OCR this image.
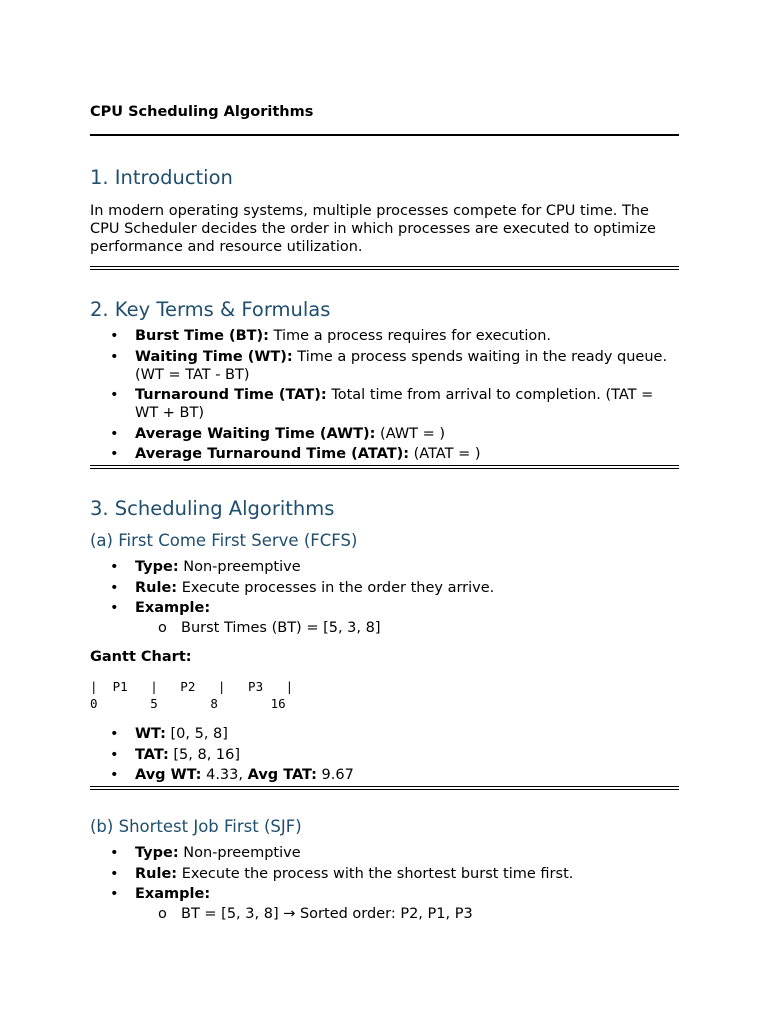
CPU Scheduling Algorithms
1. Introduction

In modern operating systems, multiple processes compete for CPU time. The CPU Scheduler decides the order in which processes are executed to optimize performance and resource utilization.

2. Key Terms & Formulas
• Burst Time (BT): Time a process requires for execution.
• Waiting Time (WT): Time a process spends waiting in the ready queue. (WT = TAT - BT)
• Turnaround Time (TAT): Total time from arrival to completion. (TAT = WT + BT)
• Average Waiting Time (AWT): (AWT = )
• Average Turnaround Time (ATAT): (ATAT = )
3. Scheduling Algorithms
(a) First Come First Serve (FCFS)
• Type: Non-preemptive
• Rule: Execute processes in the order they arrive.
• Example:
o Burst Times (BT) = [5, 3, 8]

Gantt Chart:

|  P1   |   P2   |   P3   |
0       5       8       16
• WT: [0, 5, 8]
• TAT: [5, 8, 16]
• Avg WT: 4.33, Avg TAT: 9.67
(b) Shortest Job First (SJF)
• Type: Non-preemptive
• Rule: Execute the process with the shortest burst time first.
• Example:
o BT = [5, 3, 8] → Sorted order: P2, P1, P3
